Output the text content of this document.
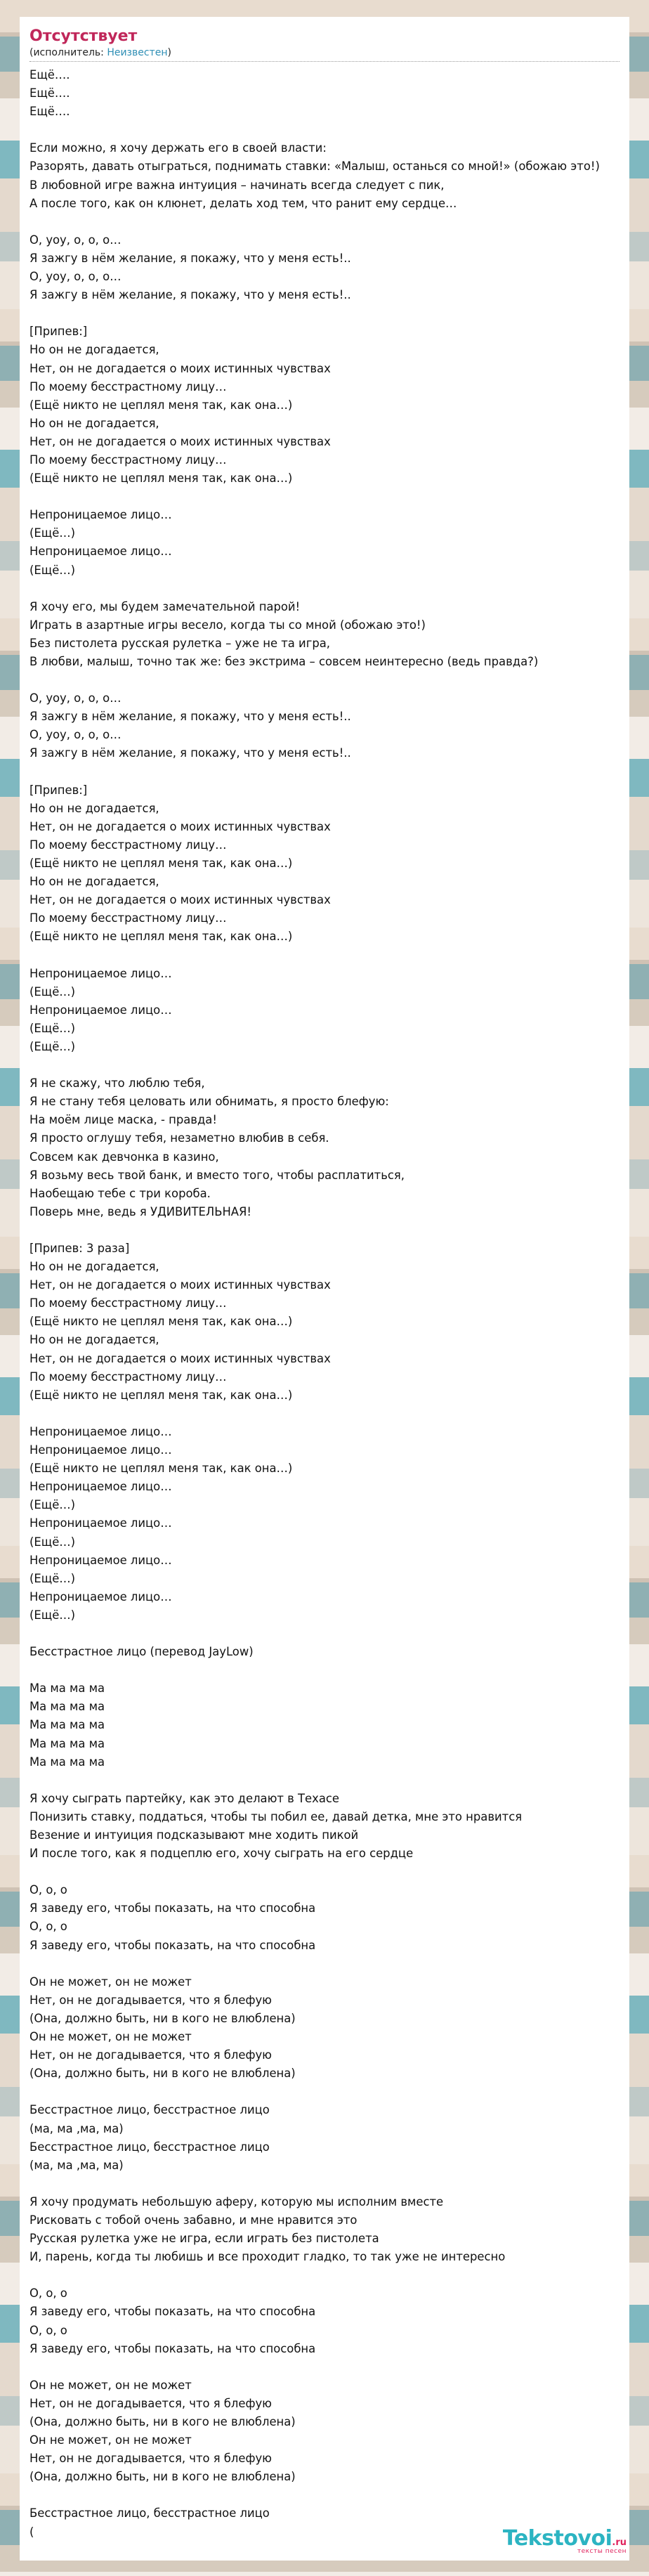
Отсутствует
(исполнитель: Неизвестен)
Ещё….
Ещё….
Ещё….

Если можно, я хочу держать его в своей власти:
Разорять, давать отыграться, поднимать ставки: «Малыш, останься со мной!» (обожаю это!)
В любовной игре важна интуиция – начинать всегда следует с пик,
А после того, как он клюнет, делать ход тем, что ранит ему сердце…

О, уоу, о, о, о…
Я зажгу в нём желание, я покажу, что у меня есть!..
О, уоу, о, о, о…
Я зажгу в нём желание, я покажу, что у меня есть!..

[Припев:]
Но он не догадается,
Нет, он не догадается о моих истинных чувствах
По моему бесстрастному лицу…
(Ещё никто не цеплял меня так, как она…)
Но он не догадается,
Нет, он не догадается о моих истинных чувствах
По моему бесстрастному лицу…
(Ещё никто не цеплял меня так, как она…)

Непроницаемое лицо…
(Ещё…)
Непроницаемое лицо…
(Ещё…)

Я хочу его, мы будем замечательной парой!
Играть в азартные игры весело, когда ты со мной (обожаю это!)
Без пистолета русская рулетка – уже не та игра,
В любви, малыш, точно так же: без экстрима – совсем неинтересно (ведь правда?)

О, уоу, о, о, о…
Я зажгу в нём желание, я покажу, что у меня есть!..
О, уоу, о, о, о…
Я зажгу в нём желание, я покажу, что у меня есть!..

[Припев:]
Но он не догадается,
Нет, он не догадается о моих истинных чувствах
По моему бесстрастному лицу…
(Ещё никто не цеплял меня так, как она…)
Но он не догадается,
Нет, он не догадается о моих истинных чувствах
По моему бесстрастному лицу…
(Ещё никто не цеплял меня так, как она…)

Непроницаемое лицо…
(Ещё…)
Непроницаемое лицо…
(Ещё…)
(Ещё…)

Я не скажу, что люблю тебя,
Я не стану тебя целовать или обнимать, я просто блефую:
На моём лице маска, - правда!
Я просто оглушу тебя, незаметно влюбив в себя.
Совсем как девчонка в казино,
Я возьму весь твой банк, и вместо того, чтобы расплатиться,
Наобещаю тебе с три короба.
Поверь мне, ведь я УДИВИТЕЛЬНАЯ!

[Припев: 3 раза]
Но он не догадается,
Нет, он не догадается о моих истинных чувствах
По моему бесстрастному лицу…
(Ещё никто не цеплял меня так, как она…)
Но он не догадается,
Нет, он не догадается о моих истинных чувствах
По моему бесстрастному лицу…
(Ещё никто не цеплял меня так, как она…)

Непроницаемое лицо…
Непроницаемое лицо…
(Ещё никто не цеплял меня так, как она…)
Непроницаемое лицо…
(Ещё…)
Непроницаемое лицо…
(Ещё…)
Непроницаемое лицо…
(Ещё…)
Непроницаемое лицо…
(Ещё…)

Бесстрастное лицо (перевод JayLow)

Ма ма ма ма
Ма ма ма ма
Ма ма ма ма
Ма ма ма ма
Ма ма ма ма

Я хочу сыграть партейку, как это делают в Техасе
Понизить ставку, поддаться, чтобы ты побил ее, давай детка, мне это нравится
Везение и интуиция подсказывают мне ходить пикой
И после того, как я подцеплю его, хочу сыграть на его сердце

О, о, о
Я заведу его, чтобы показать, на что способна
О, о, о
Я заведу его, чтобы показать, на что способна

Он не может, он не может
Нет, он не догадывается, что я блефую
(Она, должно быть, ни в кого не влюблена)
Он не может, он не может
Нет, он не догадывается, что я блефую
(Она, должно быть, ни в кого не влюблена)

Бесстрастное лицо, бесстрастное лицо
(ма, ма ,ма, ма)
Бесстрастное лицо, бесстрастное лицо
(ма, ма ,ма, ма)

Я хочу продумать небольшую аферу, которую мы исполним вместе
Рисковать с тобой очень забавно, и мне нравится это
Русская рулетка уже не игра, если играть без пистолета
И, парень, когда ты любишь и все проходит гладко, то так уже не интересно

О, о, о
Я заведу его, чтобы показать, на что способна
О, о, о
Я заведу его, чтобы показать, на что способна

Он не может, он не может
Нет, он не догадывается, что я блефую
(Она, должно быть, ни в кого не влюблена)
Он не может, он не может
Нет, он не догадывается, что я блефую
(Она, должно быть, ни в кого не влюблена)

Бесстрастное лицо, бесстрастное лицо
(	Tekstovoi.ru
тексты песен
